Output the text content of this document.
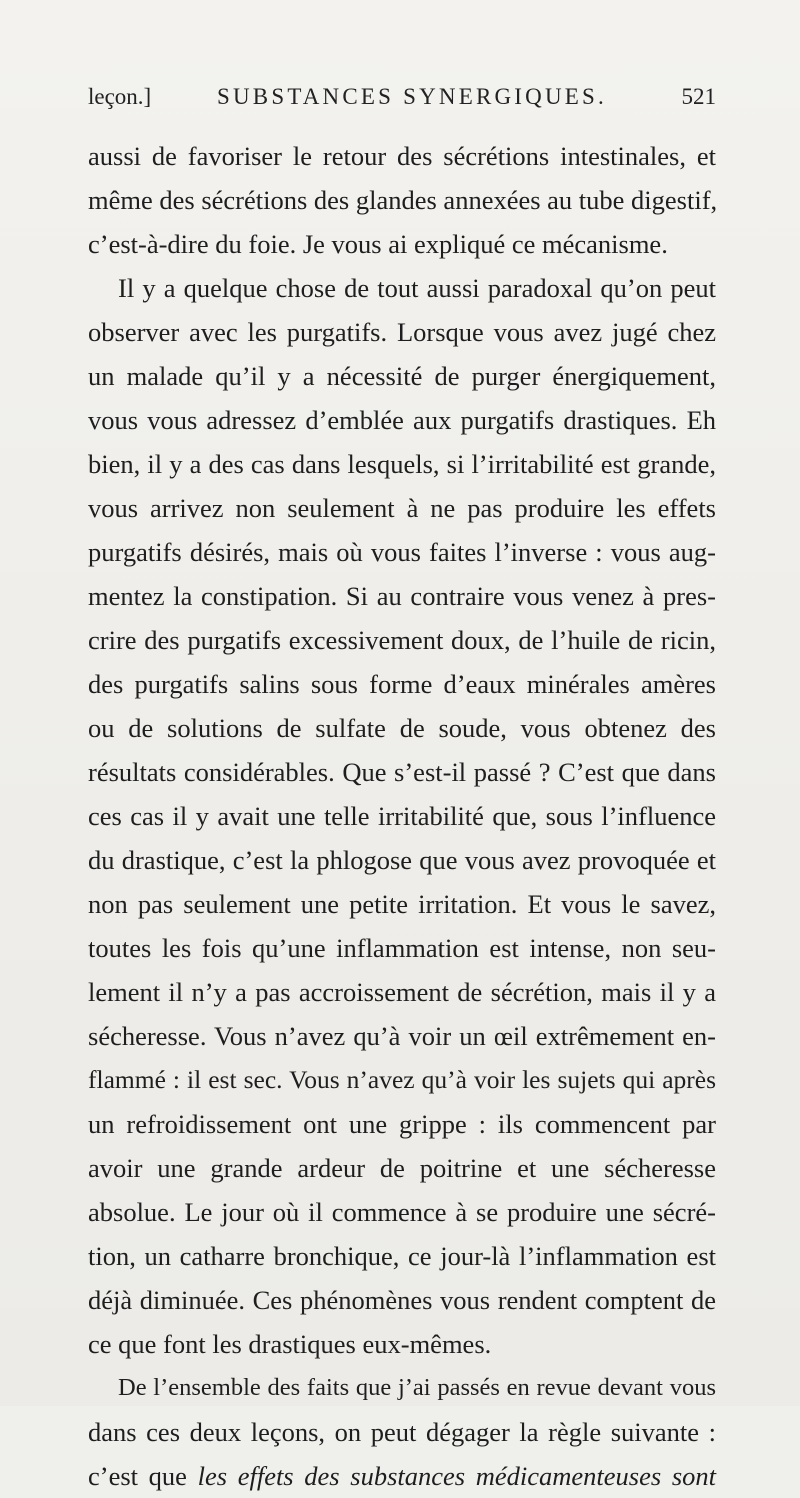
leçon.]	SUBSTANCES SYNERGIQUES.	521
aussi de favoriser le retour des sécrétions intestinales, et
même des sécrétions des glandes annexées au tube digestif,
c’est-à-dire du foie. Je vous ai expliqué ce mécanisme.
Il y a quelque chose de tout aussi paradoxal qu’on peut
observer avec les purgatifs. Lorsque vous avez jugé chez
un malade qu’il y a nécessité de purger énergiquement,
vous vous adressez d’emblée aux purgatifs drastiques. Eh
bien, il y a des cas dans lesquels, si l’irritabilité est grande,
vous arrivez non seulement à ne pas produire les effets
purgatifs désirés, mais où vous faites l’inverse : vous aug-
mentez la constipation. Si au contraire vous venez à pres-
crire des purgatifs excessivement doux, de l’huile de ricin,
des purgatifs salins sous forme d’eaux minérales amères
ou de solutions de sulfate de soude, vous obtenez des
résultats considérables. Que s’est-il passé ? C’est que dans
ces cas il y avait une telle irritabilité que, sous l’influence
du drastique, c’est la phlogose que vous avez provoquée et
non pas seulement une petite irritation. Et vous le savez,
toutes les fois qu’une inflammation est intense, non seu-
lement il n’y a pas accroissement de sécrétion, mais il y a
sécheresse. Vous n’avez qu’à voir un œil extrêmement en-
flammé : il est sec. Vous n’avez qu’à voir les sujets qui après
un refroidissement ont une grippe : ils commencent par
avoir une grande ardeur de poitrine et une sécheresse
absolue. Le jour où il commence à se produire une sécré-
tion, un catharre bronchique, ce jour-là l’inflammation est
déjà diminuée. Ces phénomènes vous rendent comptent de
ce que font les drastiques eux-mêmes.
De l’ensemble des faits que j’ai passés en revue devant vous
dans ces deux leçons, on peut dégager la règle suivante :
c’est que les effets des substances médicamenteuses sont
